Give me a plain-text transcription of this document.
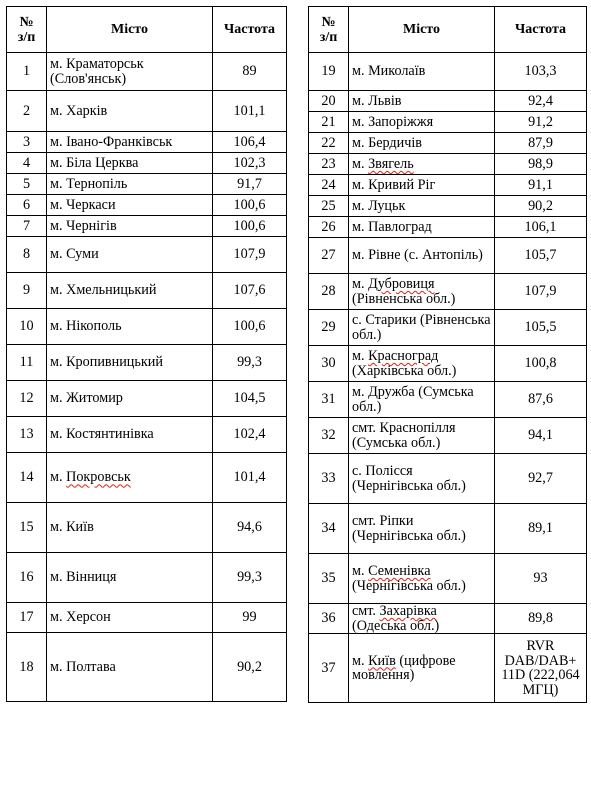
№
з/п	Місто	Частота
1	м. Краматорськ (Слов'янськ)	89
2	м. Харків	101,1
3	м. Івано-Франківськ	106,4
4	м. Біла Церква	102,3
5	м. Тернопіль	91,7
6	м. Черкаси	100,6
7	м. Чернігів	100,6
8	м. Суми	107,9
9	м. Хмельницький	107,6
10	м. Нікополь	100,6
11	м. Кропивницький	99,3
12	м. Житомир	104,5
13	м. Костянтинівка	102,4
14	м. Покровськ	101,4
15	м. Київ	94,6
16	м. Вінниця	99,3
17	м. Херсон	99
18	м. Полтава	90,2
№
з/п	Місто	Частота
19	м. Миколаїв	103,3
20	м. Львів	92,4
21	м. Запоріжжя	91,2
22	м. Бердичів	87,9
23	м. Звягель	98,9
24	м. Кривий Ріг	91,1
25	м. Луцьк	90,2
26	м. Павлоград	106,1
27	м. Рівне (с. Антопіль)	105,7
28	м. Дубровиця (Рівненська обл.)	107,9
29	с. Старики (Рівненська обл.)	105,5
30	м. Красноград (Харківська обл.)	100,8
31	м. Дружба (Сумська обл.)	87,6
32	смт. Краснопілля (Сумська обл.)	94,1
33	с. Полісся (Чернігівська обл.)	92,7
34	смт. Ріпки (Чернігівська обл.)	89,1
35	м. Семенівка (Чернігівська обл.)	93
36	смт. Захарівка (Одеська обл.)	89,8
37	м. Київ (цифрове мовлення)	RVR DAB/DAB+ 11D (222,064 МГЦ)
